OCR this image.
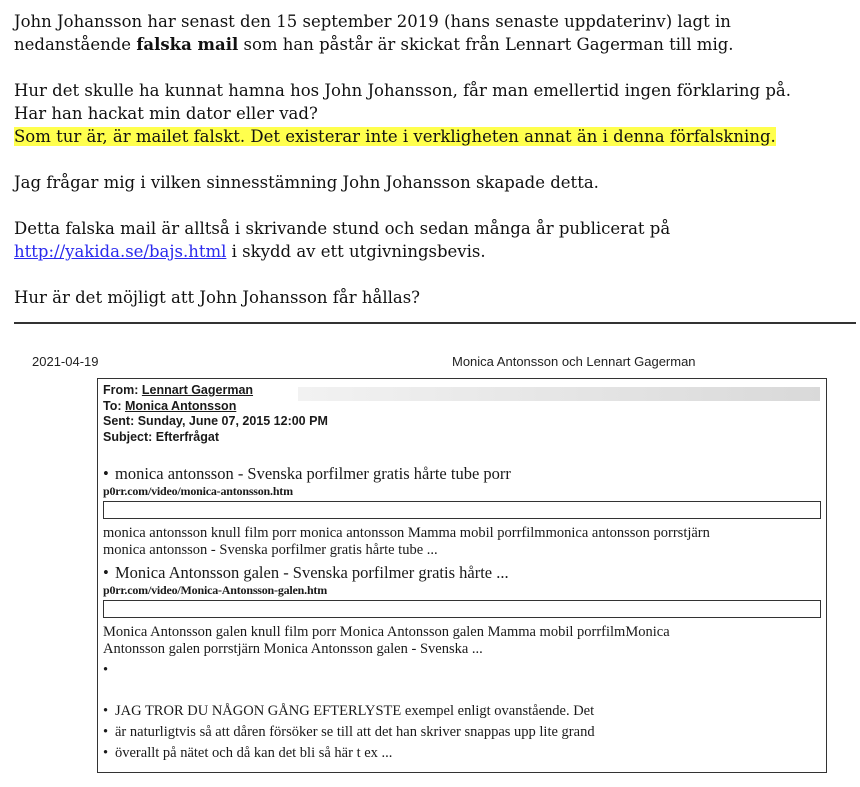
John Johansson har senast den 15 september 2019 (hans senaste uppdaterinv) lagt in nedanstående falska mail som han påstår är skickat från Lennart Gagerman till mig.

Hur det skulle ha kunnat hamna hos John Johansson, får man emellertid ingen förklaring på.
Har han hackat min dator eller vad?
Som tur är, är mailet falskt. Det existerar inte i verkligheten annat än i denna förfalskning.

Jag frågar mig i vilken sinnesstämning John Johansson skapade detta.

Detta falska mail är alltså i skrivande stund och sedan många år publicerat på
http://yakida.se/bajs.html i skydd av ett utgivningsbevis.

Hur är det möjligt att John Johansson får hållas?

2021-04-19	Monica Antonsson och Lennart Gagerman
From: Lennart Gagerman
To: Monica Antonsson
Sent: Sunday, June 07, 2015 12:00 PM
Subject: Efterfrågat

• monica antonsson - Svenska porfilmer gratis hårte tube porr

p0rr.com/video/monica-antonsson.htm

monica antonsson knull film porr monica antonsson Mamma mobil porrfilmmonica antonsson porrstjärn

monica antonsson - Svenska porfilmer gratis hårte tube ...

• Monica Antonsson galen - Svenska porfilmer gratis hårte ...

p0rr.com/video/Monica-Antonsson-galen.htm

Monica Antonsson galen knull film porr Monica Antonsson galen Mamma mobil porrfilmMonica

Antonsson galen porrstjärn Monica Antonsson galen - Svenska ...

•

• JAG TROR DU NÅGON GÅNG EFTERLYSTE exempel enligt ovanstående. Det

• är naturligtvis så att dåren försöker se till att det han skriver snappas upp lite grand

• överallt på nätet och då kan det bli så här t ex ...
